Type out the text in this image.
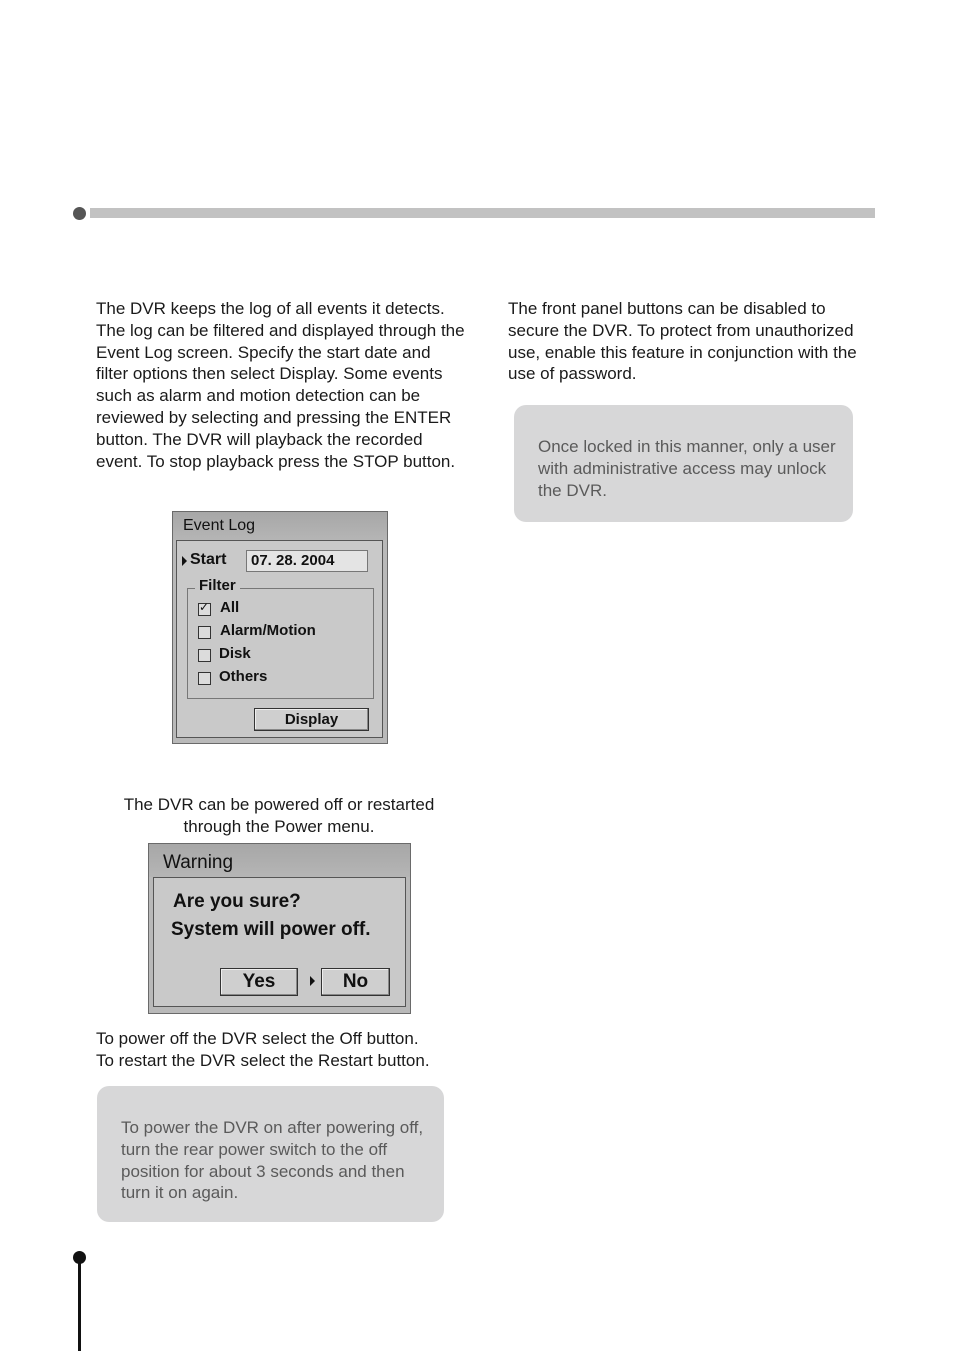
The DVR keeps the log of all events it detects. The log can be filtered and displayed through the Event Log screen. Specify the start date and filter options then select Display. Some events such as alarm and motion detection can be reviewed by selecting and pressing the ENTER button. The DVR will playback the recorded event. To stop playback press the STOP button.
Event Log
Start	07. 28. 2004
Filter
✓ All
Alarm/Motion
Disk
Others
Display
The DVR can be powered off or restarted
through the Power menu.
Warning
Are you sure?
System will power off.
Yes	No
To power off the DVR select the Off button.
To restart the DVR select the Restart button.
To power the DVR on after powering off, turn the rear power switch to the off position for about 3 seconds and then turn it on again.
The front panel buttons can be disabled to secure the DVR. To protect from unauthorized use, enable this feature in conjunction with the use of password.
Once locked in this manner, only a user with administrative access may unlock the DVR.
